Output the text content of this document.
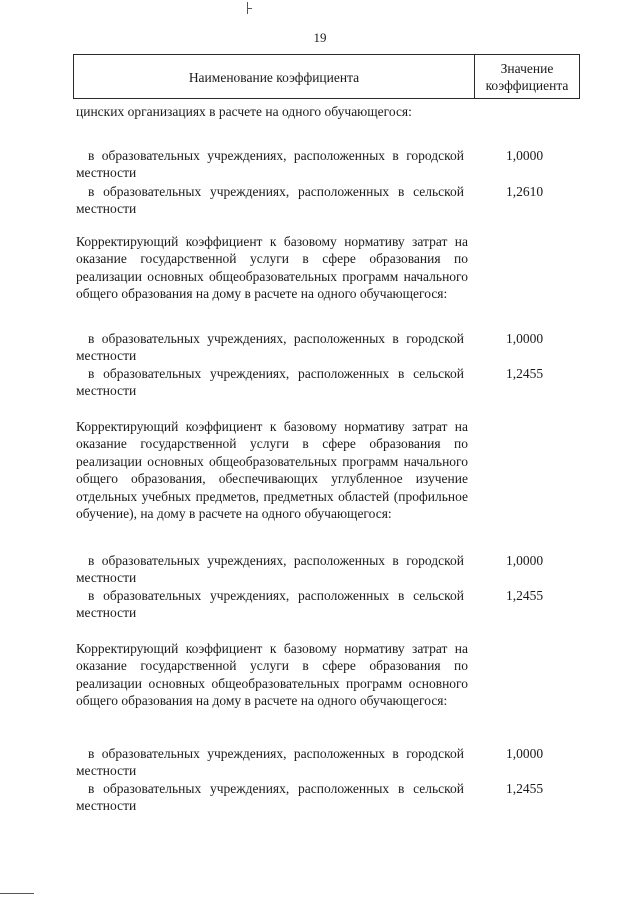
19
Наименование коэффициента
Значение
коэффициента
цинских организациях в расчете на одного обучающегося:
в образовательных учреждениях, расположенных в городской местности
1,0000
в образовательных учреждениях, расположенных в сельской местности
1,2610
Корректирующий коэффициент к базовому нормативу затрат на оказание государственной услуги в сфере образования по реализации основных общеобразовательных программ начального общего образования на дому в расчете на одного обучающегося:
в образовательных учреждениях, расположенных в городской местности
1,0000
в образовательных учреждениях, расположенных в сельской местности
1,2455
Корректирующий коэффициент к базовому нормативу затрат на оказание государственной услуги в сфере образования по реализации основных общеобразовательных программ начального общего образования, обеспечивающих углубленное изучение отдельных учебных предметов, предметных областей (профильное обучение), на дому в расчете на одного обучающегося:
в образовательных учреждениях, расположенных в городской местности
1,0000
в образовательных учреждениях, расположенных в сельской местности
1,2455
Корректирующий коэффициент к базовому нормативу затрат на оказание государственной услуги в сфере образования по реализации основных общеобразовательных программ основного общего образования на дому в расчете на одного обучающегося:
в образовательных учреждениях, расположенных в городской местности
1,0000
в образовательных учреждениях, расположенных в сельской местности
1,2455
